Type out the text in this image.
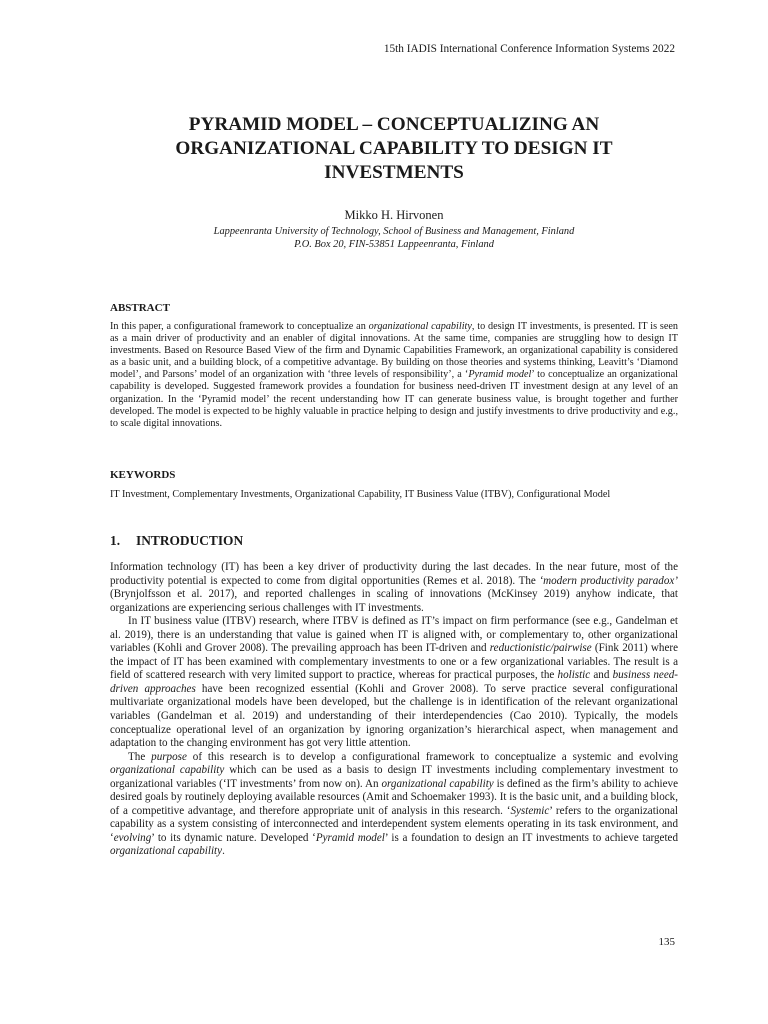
15th IADIS International Conference Information Systems 2022
PYRAMID MODEL – CONCEPTUALIZING AN
ORGANIZATIONAL CAPABILITY TO DESIGN IT
INVESTMENTS
Mikko H. Hirvonen
Lappeenranta University of Technology, School of Business and Management, Finland
P.O. Box 20, FIN-53851 Lappeenranta, Finland
ABSTRACT

In this paper, a configurational framework to conceptualize an organizational capability, to design IT investments, is presented. IT is seen as a main driver of productivity and an enabler of digital innovations. At the same time, companies are struggling how to design IT investments. Based on Resource Based View of the firm and Dynamic Capabilities Framework, an organizational capability is considered as a basic unit, and a building block, of a competitive advantage. By building on those theories and systems thinking, Leavitt’s ‘Diamond model’, and Parsons’ model of an organization with ‘three levels of responsibility’, a ‘Pyramid model’ to conceptualize an organizational capability is developed. Suggested framework provides a foundation for business need-driven IT investment design at any level of an organization. In the ‘Pyramid model’ the recent understanding how IT can generate business value, is brought together and further developed. The model is expected to be highly valuable in practice helping to design and justify investments to drive productivity and e.g., to scale digital innovations.

KEYWORDS

IT Investment, Complementary Investments, Organizational Capability, IT Business Value (ITBV), Configurational Model

1. INTRODUCTION

Information technology (IT) has been a key driver of productivity during the last decades. In the near future, most of the productivity potential is expected to come from digital opportunities (Remes et al. 2018). The ‘modern productivity paradox’ (Brynjolfsson et al. 2017), and reported challenges in scaling of innovations (McKinsey 2019) anyhow indicate, that organizations are experiencing serious challenges with IT investments.

In IT business value (ITBV) research, where ITBV is defined as IT’s impact on firm performance (see e.g., Gandelman et al. 2019), there is an understanding that value is gained when IT is aligned with, or complementary to, other organizational variables (Kohli and Grover 2008). The prevailing approach has been IT-driven and reductionistic/pairwise (Fink 2011) where the impact of IT has been examined with complementary investments to one or a few organizational variables. The result is a field of scattered research with very limited support to practice, whereas for practical purposes, the holistic and business need-driven approaches have been recognized essential (Kohli and Grover 2008). To serve practice several configurational multivariate organizational models have been developed, but the challenge is in identification of the relevant organizational variables (Gandelman et al. 2019) and understanding of their interdependencies (Cao 2010). Typically, the models conceptualize operational level of an organization by ignoring organization’s hierarchical aspect, when management and adaptation to the changing environment has got very little attention.

The purpose of this research is to develop a configurational framework to conceptualize a systemic and evolving organizational capability which can be used as a basis to design IT investments including complementary investment to organizational variables (‘IT investments’ from now on). An organizational capability is defined as the firm’s ability to achieve desired goals by routinely deploying available resources (Amit and Schoemaker 1993). It is the basic unit, and a building block, of a competitive advantage, and therefore appropriate unit of analysis in this research. ‘Systemic’ refers to the organizational capability as a system consisting of interconnected and interdependent system elements operating in its task environment, and ‘evolving’ to its dynamic nature. Developed ‘Pyramid model’ is a foundation to design an IT investments to achieve targeted organizational capability.

135
